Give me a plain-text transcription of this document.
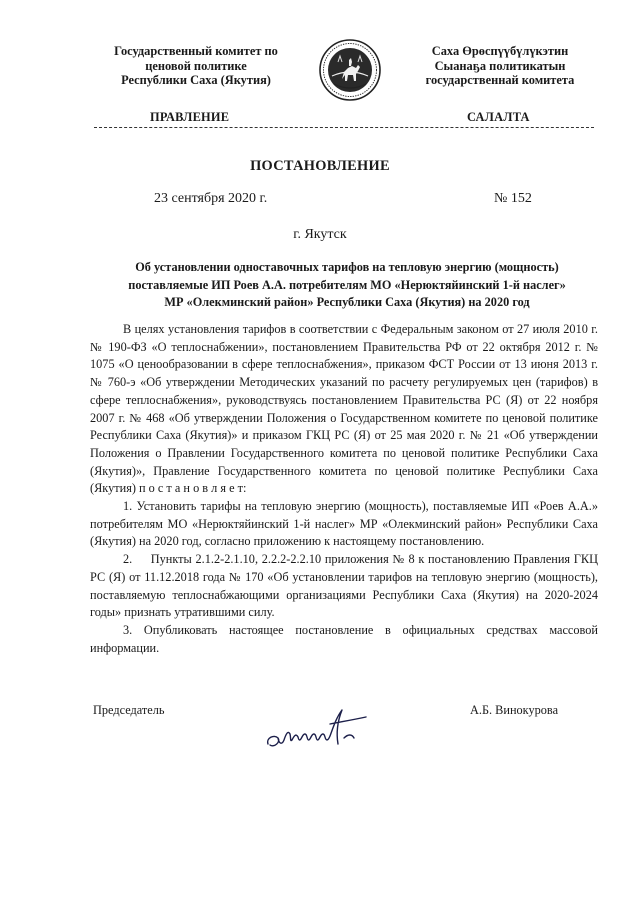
Государственный комитет по
ценовой политике
Республики Саха (Якутия)
Саха Өрөспүүбүлүкэтин
Сыанаҕа политикатын
государственнай комитета
ПРАВЛЕНИЕ	САЛАЛТА
ПОСТАНОВЛЕНИЕ
23 сентября 2020 г.	№ 152
г. Якутск
Об установлении одноставочных тарифов на тепловую энергию (мощность)
поставляемые ИП Роев А.А. потребителям МО «Нерюктяйинский 1-й наслег»
МР «Олекминский район» Республики Саха (Якутия) на 2020 год

В целях установления тарифов в соответствии с Федеральным законом от 27 июля 2010 г. № 190-ФЗ «О теплоснабжении», постановлением Правительства РФ от 22 октября 2012 г. № 1075 «О ценообразовании в сфере теплоснабжения», приказом ФСТ России от 13 июня 2013 г. № 760-э «Об утверждении Методических указаний по расчету регулируемых цен (тарифов) в сфере теплоснабжения», руководствуясь постановлением Правительства РС (Я) от 22 ноября 2007 г. № 468 «Об утверждении Положения о Государственном комитете по ценовой политике Республики Саха (Якутия)» и приказом ГКЦ РС (Я) от 25 мая 2020 г. № 21 «Об утверждении Положения о Правлении Государственного комитета по ценовой политике Республики Саха (Якутия)», Правление Государственного комитета по ценовой политике Республики Саха (Якутия) п о с т а н о в л я е т:

1. Установить тарифы на тепловую энергию (мощность), поставляемые ИП «Роев А.А.» потребителям МО «Нерюктяйинский 1-й наслег» МР «Олекминский район» Республики Саха (Якутия) на 2020 год, согласно приложению к настоящему постановлению.

2.     Пункты 2.1.2-2.1.10, 2.2.2-2.2.10 приложения № 8 к постановлению Правления ГКЦ РС (Я) от 11.12.2018 года № 170 «Об установлении тарифов на тепловую энергию (мощность), поставляемую теплоснабжающими организациями Республики Саха (Якутия) на 2020-2024 годы» признать утратившими силу.

3. Опубликовать настоящее постановление в официальных средствах массовой информации.

Председатель	А.Б. Винокурова
